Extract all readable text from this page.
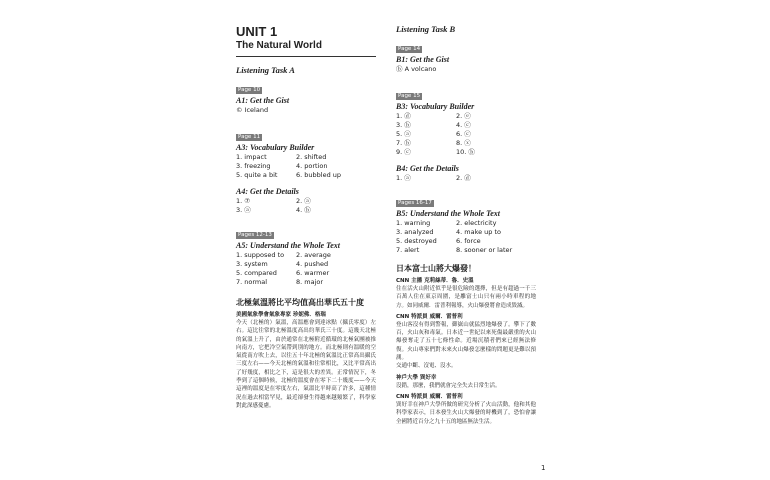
UNIT 1
The Natural World
Listening Task A
Page 10
A1: Get the Gist
© Iceland
Page 11
A3: Vocabulary Builder
1. impact	2. shifted
3. freezing	4. portion
5. quite a bit	6. bubbled up
A4: Get the Details
1. ⑦	2. ⓐ
3. ⓐ	4. ⓑ
Pages 12-13
A5: Understand the Whole Text
1. supposed to	2. average
3. system	4. pushed
5. compared	6. warmer
7. normal	8. major
北極氣溫將比平均值高出華氏五十度
美國氣象學會氣象專家 珍妮佛．格瑞
今天（北極的）氣溫，高溫應會到達冰點（攝氏零度）左右。這比往常的北極溫度高出約華氏三十度。這幾天北極的氣溫上升了，由於通常在北極附近循環的北極氣團被推向南方，它把冷空氣帶到別的地方。而北極則有溫暖的空氣從南方吹上去，以往五十年北極的氣溫比正常高出攝氏三度左右——今天北極的氣溫和往常相比，又比平常高出了好幾度，相比之下，這是很大的差異。正常情況下，冬季到了這個時候，北極的溫度會在零下二十幾度——今天這裡的溫度是在零度左右，氣溫比平時高了許多，這種情況在過去相當罕見，最近卻發生得越來越頻繁了，科學家對此深感憂慮。
Listening Task B
Page 14
B1: Get the Gist
ⓑ A volcano
Page 15
B3: Vocabulary Builder
1. ⓓ	2. ⓔ
3. ⓑ	4. ⓒ
5. ⓐ	6. ⓒ
7. ⓑ	8. ⓧ
9. ⓒ	10. ⓑ
B4: Get the Details
1. ⓐ	2. ⓓ
Pages 16-17
B5: Understand the Whole Text
1. warning	2. electricity
3. analyzed	4. make up to
5. destroyed	6. force
7. alert	8. sooner or later
日本富士山將大爆發！
CNN 主播 克莉絲蒂．魯．史溫
住在活火山附近似乎是很危險的選擇，但是有超過一千三百萬人住在東京周圍，是離富士山只有兩小時車程的地方。如同威爾．雷普利報導，火山爆發將會造成毀滅。
CNN 特派員 威爾．雷普利
登山客沒有得到警報，御嶽山就猛烈地爆發了。攀下了數百，火山灰和毒氣。日本近一世紀以來死傷最嚴重的火山爆發奪走了五十七條性命。近場沉積者們來已經無法修復。火山專家們對未來火山爆發怎麼樣的問題更是難以預測。
交通中斷、沒電、沒水。
神戶大學 巽好幸
沒錯，那麼，我們就會完全失去日常生活。
CNN 特派員 威爾．雷普利
巽好幸在神戶大學所做的研究分析了火山活動，他和其他科學家表示，日本發生火山大爆發的時機到了，恐怕會讓全國將近百分之九十五的地區無法生活。
1
